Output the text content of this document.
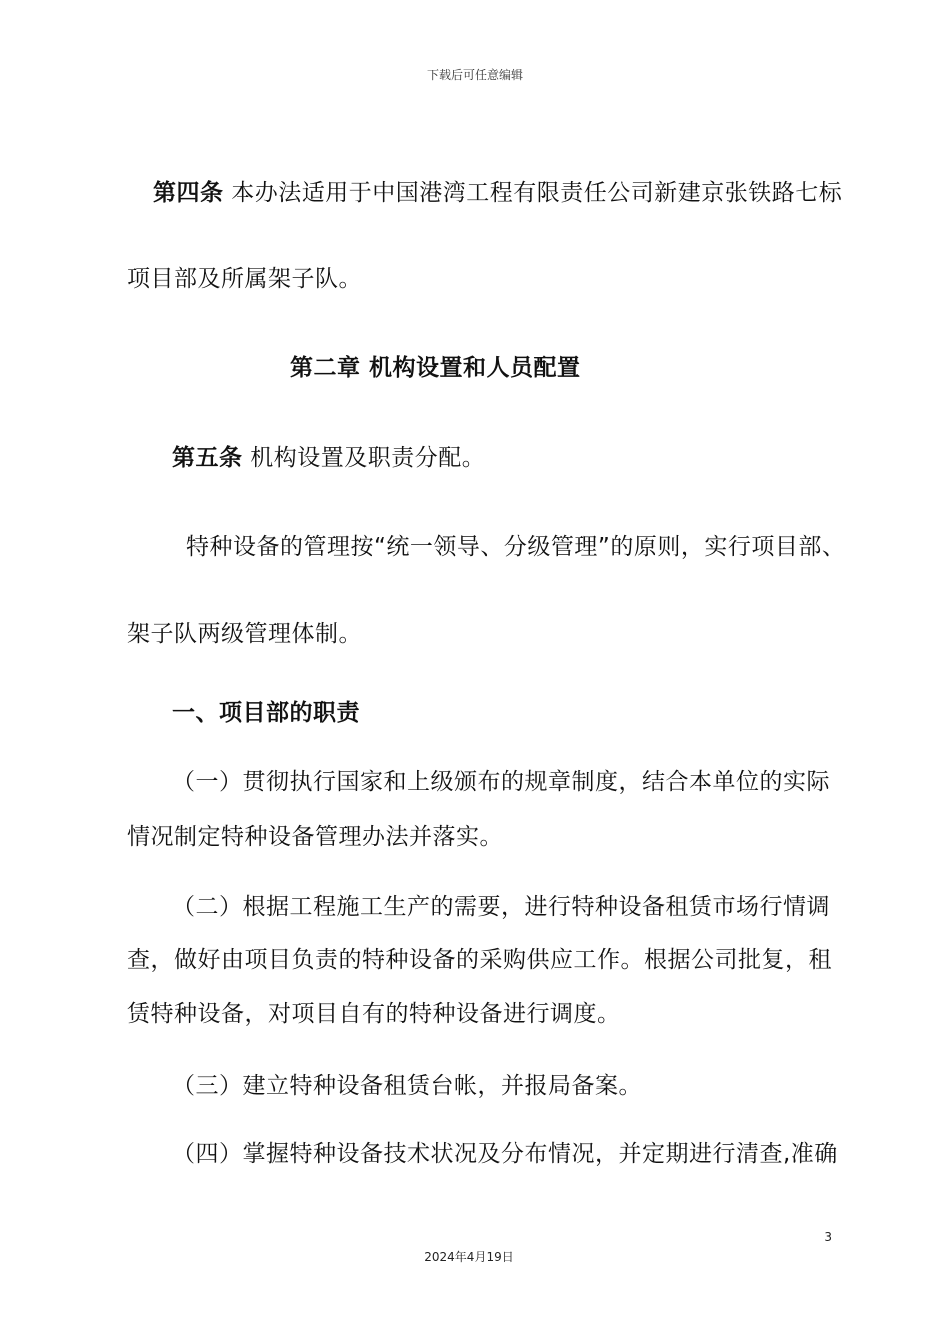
下载后可任意编辑
第四条 本办法适用于中国港湾工程有限责任公司新建京张铁路七标
项目部及所属架子队。
第二章 机构设置和人员配置
第五条 机构设置及职责分配。
特种设备的管理按“统一领导、分级管理”的原则，实行项目部、
架子队两级管理体制。
一、项目部的职责
（一）贯彻执行国家和上级颁布的规章制度，结合本单位的实际
情况制定特种设备管理办法并落实。
（二）根据工程施工生产的需要，进行特种设备租赁市场行情调
查，做好由项目负责的特种设备的采购供应工作。根据公司批复，租
赁特种设备，对项目自有的特种设备进行调度。
（三）建立特种设备租赁台帐，并报局备案。
（四）掌握特种设备技术状况及分布情况，并定期进行清查,准确
3
2024年4月19日
